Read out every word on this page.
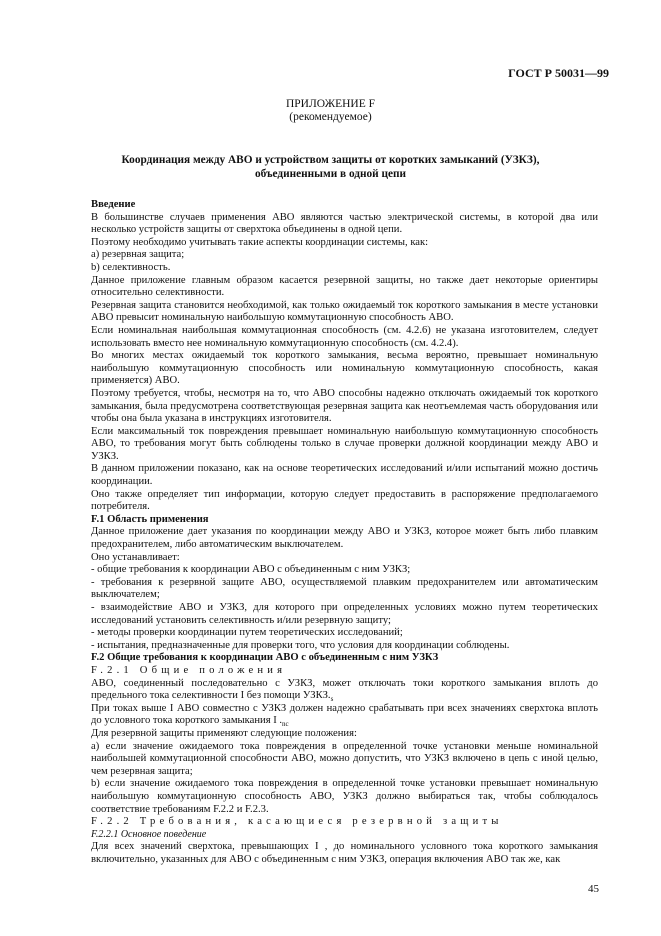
ГОСТ Р 50031—99
ПРИЛОЖЕНИЕ F
(рекомендуемое)
Координация между АВО и устройством защиты от коротких замыканий (УЗКЗ),
объединенными в одной цепи

Введение

В большинстве случаев применения АВО являются частью электрической системы, в которой два или несколько устройств защиты от сверхтока объединены в одной цепи.

Поэтому необходимо учитывать такие аспекты координации системы, как:

a) резервная защита;

b) селективность.

Данное приложение главным образом касается резервной защиты, но также дает некоторые ориентиры относительно селективности.

Резервная защита становится необходимой, как только ожидаемый ток короткого замыкания в месте установки АВО превысит номинальную наибольшую коммутационную способность АВО.

Если номинальная наибольшая коммутационная способность (см. 4.2.6) не указана изготовителем, следует использовать вместо нее номинальную коммутационную способность (см. 4.2.4).

Во многих местах ожидаемый ток короткого замыкания, весьма вероятно, превышает номинальную наибольшую коммутационную способность или номинальную коммутационную способность, какая применяется) АВО.

Поэтому требуется, чтобы, несмотря на то, что АВО способны надежно отключать ожидаемый ток короткого замыкания, была предусмотрена соответствующая резервная защита как неотъемлемая часть оборудования или чтобы она была указана в инструкциях изготовителя.

Если максимальный ток повреждения превышает номинальную наибольшую коммутационную способность АВО, то требования могут быть соблюдены только в случае проверки должной координации между АВО и УЗКЗ.

В данном приложении показано, как на основе теоретических исследований и/или испытаний можно достичь координации.

Оно также определяет тип информации, которую следует предоставить в распоряжение предполагаемого потребителя.

F.1 Область применения

Данное приложение дает указания по координации между АВО и УЗКЗ, которое может быть либо плавким предохранителем, либо автоматическим выключателем.

Оно устанавливает:

- общие требования к координации АВО с объединенным с ним УЗКЗ;

- требования к резервной защите АВО, осуществляемой плавким предохранителем или автоматическим выключателем;

- взаимодействие АВО и УЗКЗ, для которого при определенных условиях можно путем теоретических исследований установить селективность и/или резервную защиту;

- методы проверки координации путем теоретических исследований;

- испытания, предназначенные для проверки того, что условия для координации соблюдены.

F.2 Общие требования к координации АВО с объединенным с ним УЗКЗ

F.2.1 Общие положения

АВО, соединенный последовательно с УЗКЗ, может отключать токи короткого замыкания вплоть до предельного тока селективности I без помощи $УЗКЗ._s$

При токах выше I АВО совместно с УЗКЗ должен надежно срабатывать при всех значениях сверхтока вплоть до условного тока короткого замыкания I $._{nc}$

Для резервной защиты применяют следующие положения:

a) если значение ожидаемого тока повреждения в определенной точке установки меньше номинальной наибольшей коммутационной способности АВО, можно допустить, что УЗКЗ включено в цепь с иной целью, чем резервная защита;

b) если значение ожидаемого тока повреждения в определенной точке установки превышает номинальную наибольшую коммутационную способность АВО, УЗКЗ должно выбираться так, чтобы соблюдалось соответствие требованиям F.2.2 и F.2.3.

F.2.2 Требования, касающиеся резервной защиты

F.2.2.1 Основное поведение

Для всех значений сверхтока, превышающих I , до номинального условного тока короткого замыкания включительно, указанных для АВО с объединенным с ним УЗКЗ, операция включения АВО так же, как

45
